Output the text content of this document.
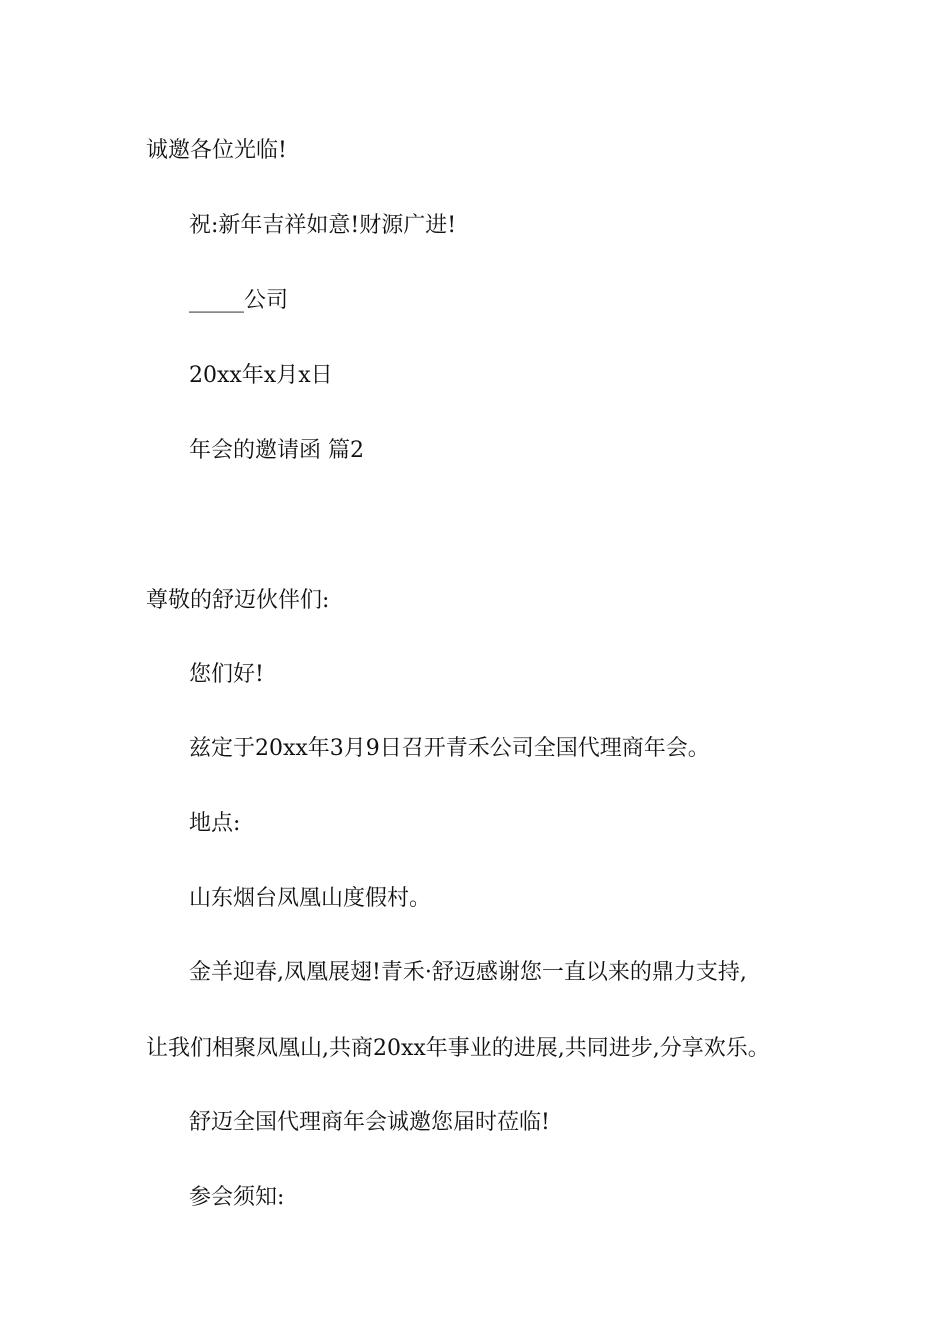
诚邀各位光临!
祝:新年吉祥如意!财源广进!
_____公司
20xx年x月x日
年会的邀请函 篇2
尊敬的舒迈伙伴们:
您们好!
兹定于20xx年3月9日召开青禾公司全国代理商年会。
地点:
山东烟台凤凰山度假村。
金羊迎春,凤凰展翅!青禾·舒迈感谢您一直以来的鼎力支持,
让我们相聚凤凰山,共商20xx年事业的进展,共同进步,分享欢乐。
舒迈全国代理商年会诚邀您届时莅临!
参会须知:
